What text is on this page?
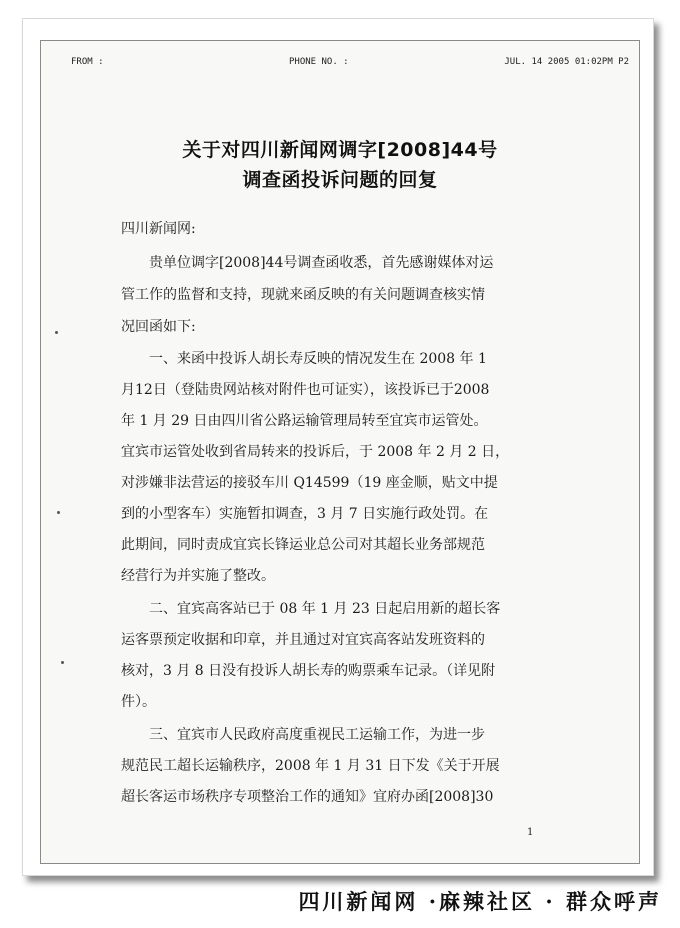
FROM :	PHONE NO. :	JUL. 14 2005 01:02PM P2
关于对四川新闻网调字[2008]44号
调查函投诉问题的回复
四川新闻网:
贵单位调字[2008]44号调查函收悉，首先感谢媒体对运
管工作的监督和支持，现就来函反映的有关问题调查核实情
况回函如下:
一、来函中投诉人胡长寿反映的情况发生在 2008 年 1
月12日（登陆贵网站核对附件也可证实），该投诉已于2008
年 1 月 29 日由四川省公路运输管理局转至宜宾市运管处。
宜宾市运管处收到省局转来的投诉后，于 2008 年 2 月 2 日，
对涉嫌非法营运的接驳车川 Q14599（19 座金顺，贴文中提
到的小型客车）实施暂扣调查，3 月 7 日实施行政处罚。在
此期间，同时责成宜宾长锋运业总公司对其超长业务部规范
经营行为并实施了整改。
二、宜宾高客站已于 08 年 1 月 23 日起启用新的超长客
运客票预定收据和印章，并且通过对宜宾高客站发班资料的
核对，3 月 8 日没有投诉人胡长寿的购票乘车记录。（详见附
件）。
三、宜宾市人民政府高度重视民工运输工作，为进一步
规范民工超长运输秩序，2008 年 1 月 31 日下发《关于开展
超长客运市场秩序专项整治工作的通知》宜府办函[2008]30
1
四川新闻网 ·麻辣社区 · 群众呼声
